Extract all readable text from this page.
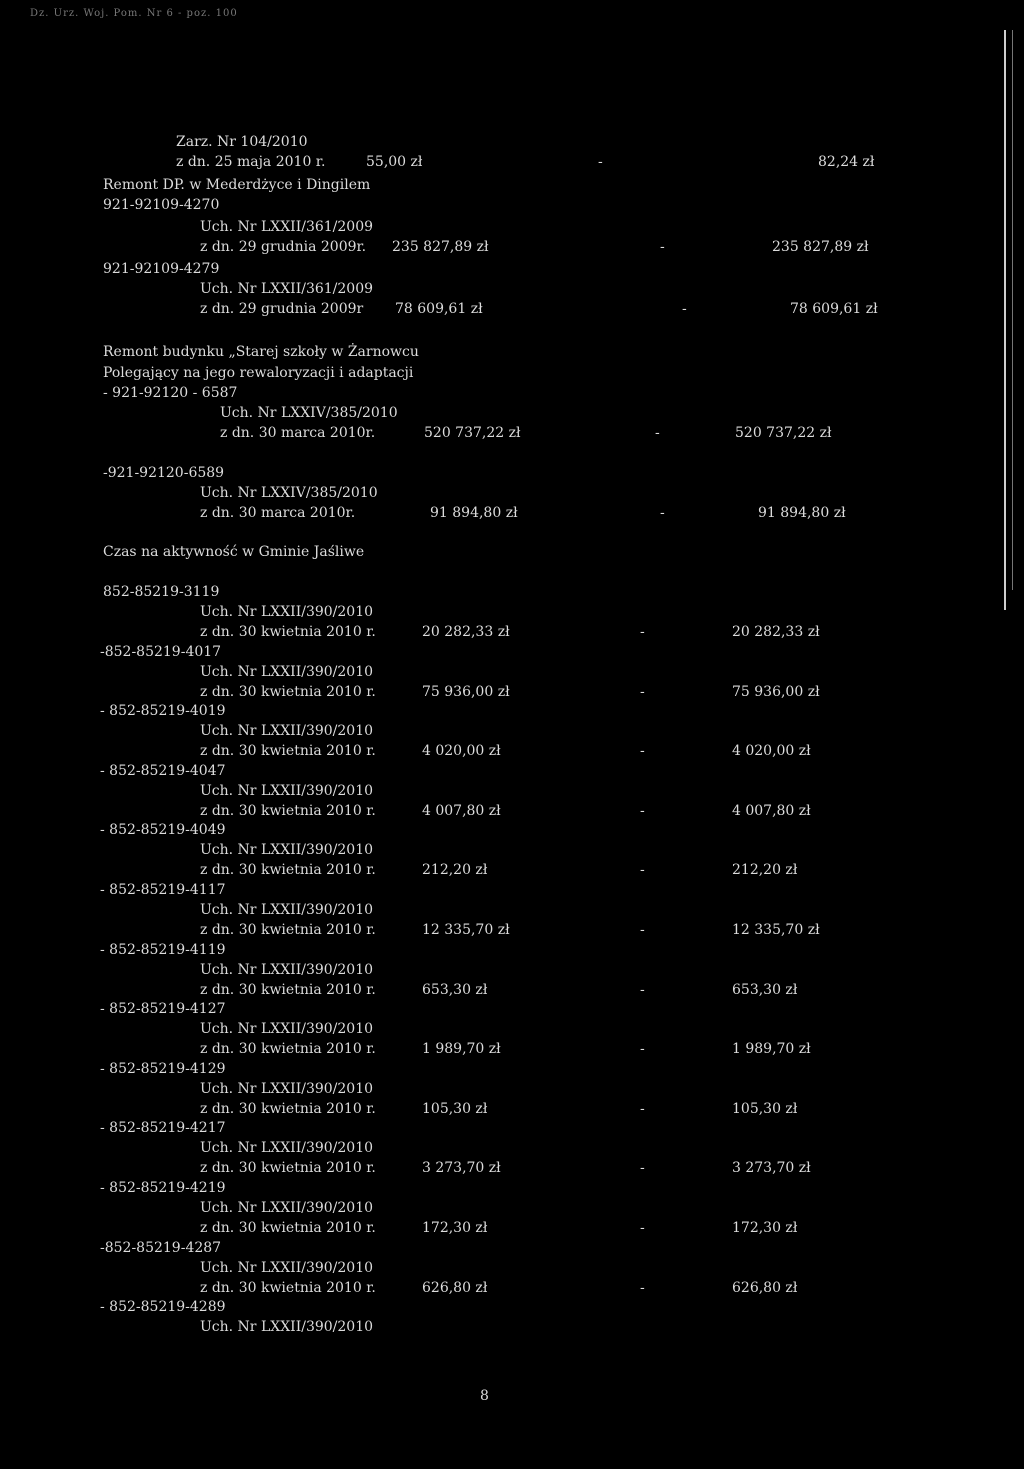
Dz. Urz. Woj. Pom. Nr 6 - poz. 100
Zarz. Nr 104/2010
z dn. 25 maja 2010 r.	55,00 zł	-	82,24 zł
Remont DP. w Mederdżyce i Dingilem
921-92109-4270
Uch. Nr LXXII/361/2009
z dn. 29 grudnia 2009r. 235 827,89 zł	-	235 827,89 zł
921-92109-4279
Uch. Nr LXXII/361/2009
z dn. 29 grudnia 2009r 78 609,61 zł	-	78 609,61 zł
Remont budynku „Starej szkoły w Żarnowcu
Polegający na jego rewaloryzacji i adaptacji
- 921-92120 - 6587
Uch. Nr LXXIV/385/2010
z dn. 30 marca 2010r.	520 737,22 zł	-	520 737,22 zł
-921-92120-6589
Uch. Nr LXXIV/385/2010
z dn. 30 marca 2010r.	91 894,80 zł	-	91 894,80 zł
Czas na aktywność w Gminie Jaśliwe
852-85219-3119
Uch. Nr LXXII/390/2010
z dn. 30 kwietnia 2010 r.	20 282,33 zł	-	20 282,33 zł
-852-85219-4017
Uch. Nr LXXII/390/2010
z dn. 30 kwietnia 2010 r.	75 936,00 zł	-	75 936,00 zł
- 852-85219-4019
Uch. Nr LXXII/390/2010
z dn. 30 kwietnia 2010 r.	4 020,00 zł	-	4 020,00 zł
- 852-85219-4047
Uch. Nr LXXII/390/2010
z dn. 30 kwietnia 2010 r.	4 007,80 zł	-	4 007,80 zł
- 852-85219-4049
Uch. Nr LXXII/390/2010
z dn. 30 kwietnia 2010 r.	212,20 zł	-	212,20 zł
- 852-85219-4117
Uch. Nr LXXII/390/2010
z dn. 30 kwietnia 2010 r.	12 335,70 zł	-	12 335,70 zł
- 852-85219-4119
Uch. Nr LXXII/390/2010
z dn. 30 kwietnia 2010 r.	653,30 zł	-	653,30 zł
- 852-85219-4127
Uch. Nr LXXII/390/2010
z dn. 30 kwietnia 2010 r.	1 989,70 zł	-	1 989,70 zł
- 852-85219-4129
Uch. Nr LXXII/390/2010
z dn. 30 kwietnia 2010 r.	105,30 zł	-	105,30 zł
- 852-85219-4217
Uch. Nr LXXII/390/2010
z dn. 30 kwietnia 2010 r.	3 273,70 zł	-	3 273,70 zł
- 852-85219-4219
Uch. Nr LXXII/390/2010
z dn. 30 kwietnia 2010 r.	172,30 zł	-	172,30 zł
-852-85219-4287
Uch. Nr LXXII/390/2010
z dn. 30 kwietnia 2010 r.	626,80 zł	-	626,80 zł
- 852-85219-4289
Uch. Nr LXXII/390/2010
8
